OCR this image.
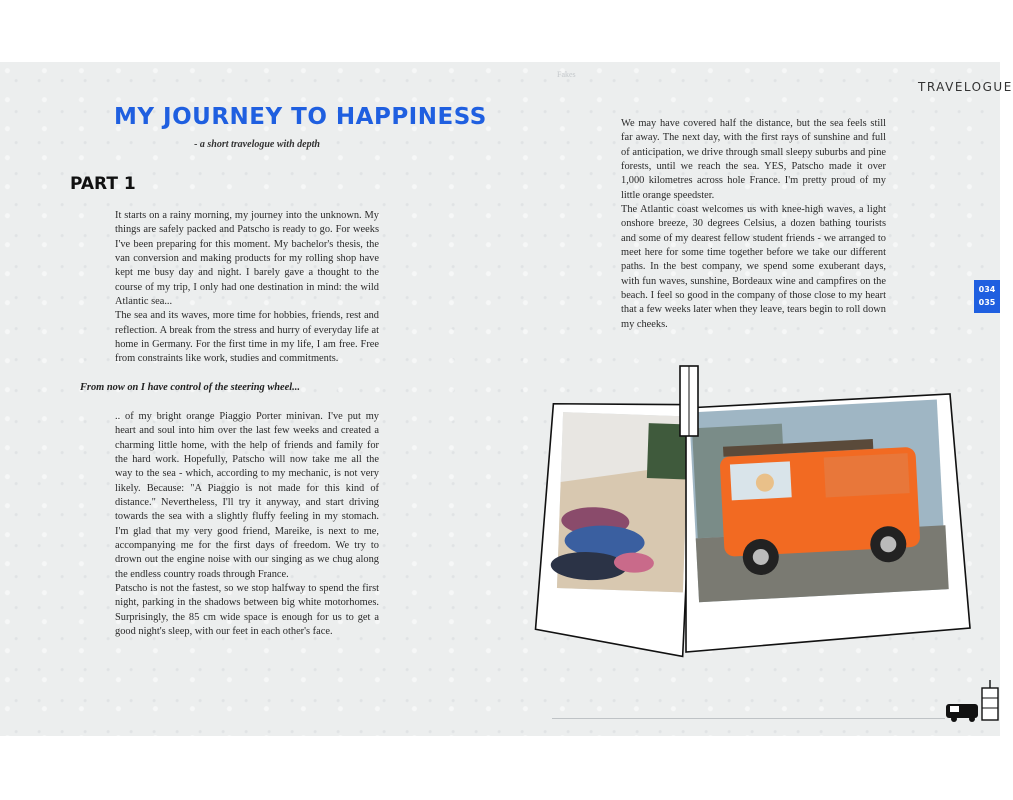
Fakes
TRAVELOGUE
MY JOURNEY TO HAPPINESS
- a short travelogue with depth
PART 1

It starts on a rainy morning, my journey into the unknown. My things are safely packed and Patscho is ready to go. For weeks I've been preparing for this moment. My bachelor's thesis, the van conversion and making products for my rolling shop have kept me busy day and night. I barely gave a thought to the course of my trip, I only had one destination in mind: the wild Atlantic sea...

The sea and its waves, more time for hobbies, friends, rest and reflection. A break from the stress and hurry of everyday life at home in Germany. For the first time in my life, I am free. Free from constraints like work, studies and commitments.

From now on I have control of the steering wheel...

.. of my bright orange Piaggio Porter minivan. I've put my heart and soul into him over the last few weeks and created a charming little home, with the help of friends and family for the hard work. Hopefully, Patscho will now take me all the way to the sea - which, according to my mechanic, is not very likely. Because: "A Piaggio is not made for this kind of distance." Nevertheless, I'll try it anyway, and start driving towards the sea with a slightly fluffy feeling in my stomach. I'm glad that my very good friend, Mareike, is next to me, accompanying me for the first days of freedom. We try to drown out the engine noise with our singing as we chug along the endless country roads through France.

Patscho is not the fastest, so we stop halfway to spend the first night, parking in the shadows between big white motorhomes. Surprisingly, the 85 cm wide space is enough for us to get a good night's sleep, with our feet in each other's face.

We may have covered half the distance, but the sea feels still far away. The next day, with the first rays of sunshine and full of anticipation, we drive through small sleepy suburbs and pine forests, until we reach the sea. YES, Patscho made it over 1,000 kilometres across hole France. I'm pretty proud of my little orange speedster.

The Atlantic coast welcomes us with knee-high waves, a light onshore breeze, 30 degrees Celsius, a dozen bathing tourists and some of my dearest fellow student friends - we arranged to meet here for some time together before we take our different paths. In the best company, we spend some exuberant days, with fun waves, sunshine, Bordeaux wine and campfires on the beach. I feel so good in the company of those close to my heart that a few weeks later when they leave, tears begin to roll down my cheeks.

034
035
